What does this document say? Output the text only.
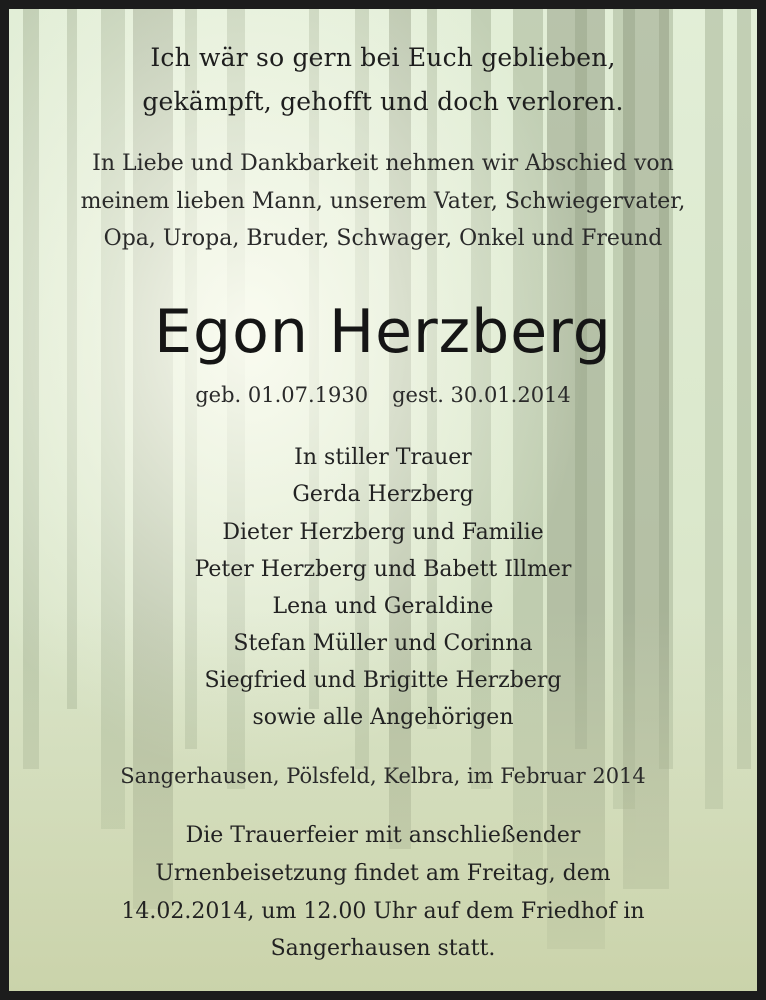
Ich wär so gern bei Euch geblieben,
gekämpft, gehofft und doch verloren.
In Liebe und Dankbarkeit nehmen wir Abschied von
meinem lieben Mann, unserem Vater, Schwiegervater,
Opa, Uropa, Bruder, Schwager, Onkel und Freund
Egon Herzberg
geb. 01.07.1930 gest. 30.01.2014
In stiller Trauer
Gerda Herzberg
Dieter Herzberg und Familie
Peter Herzberg und Babett Illmer
Lena und Geraldine
Stefan Müller und Corinna
Siegfried und Brigitte Herzberg
sowie alle Angehörigen
Sangerhausen, Pölsfeld, Kelbra, im Februar 2014
Die Trauerfeier mit anschließender
Urnenbeisetzung findet am Freitag, dem
14.02.2014, um 12.00 Uhr auf dem Friedhof in
Sangerhausen statt.
